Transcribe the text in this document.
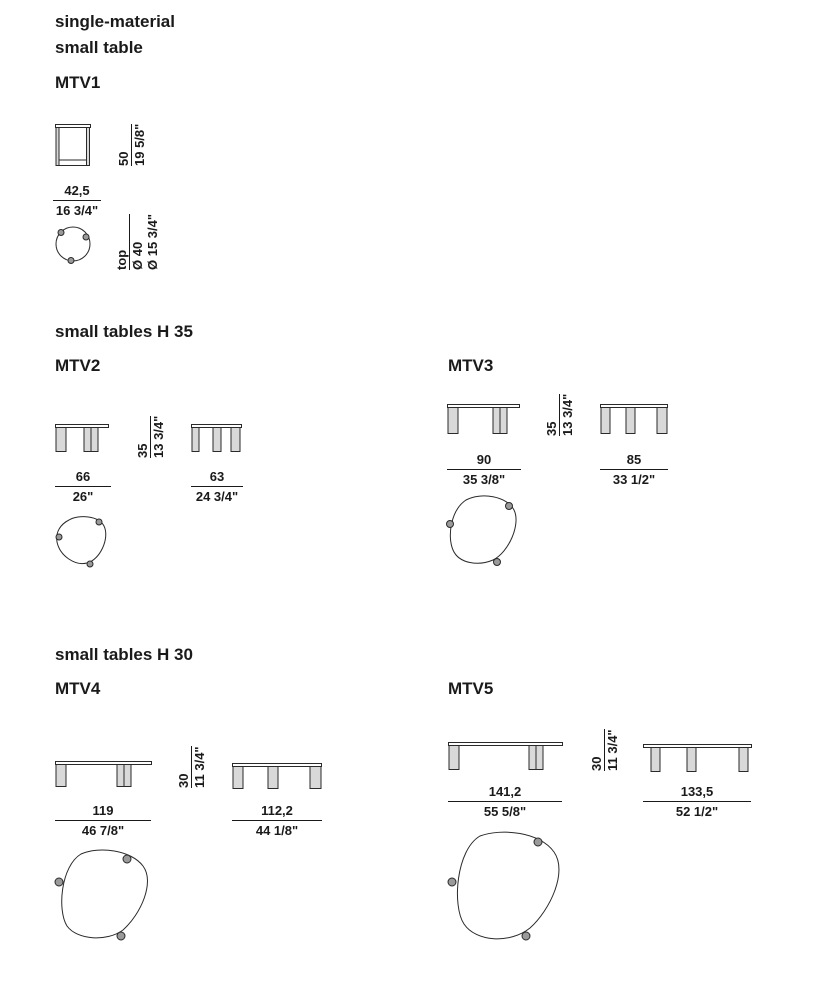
single-material
small table
MTV1
50 19 5/8"
42,5
16 3/4"
top Ø 40 Ø 15 3/4"
small tables H 35
MTV2
66
26"
35 13 3/4"
63
24 3/4"
MTV3
90
35 3/8"
35 13 3/4"
85
33 1/2"
small tables H 30
MTV4
119
46 7/8"
30 11 3/4"
112,2
44 1/8"
MTV5
141,2
55 5/8"
30 11 3/4"
133,5
52 1/2"
